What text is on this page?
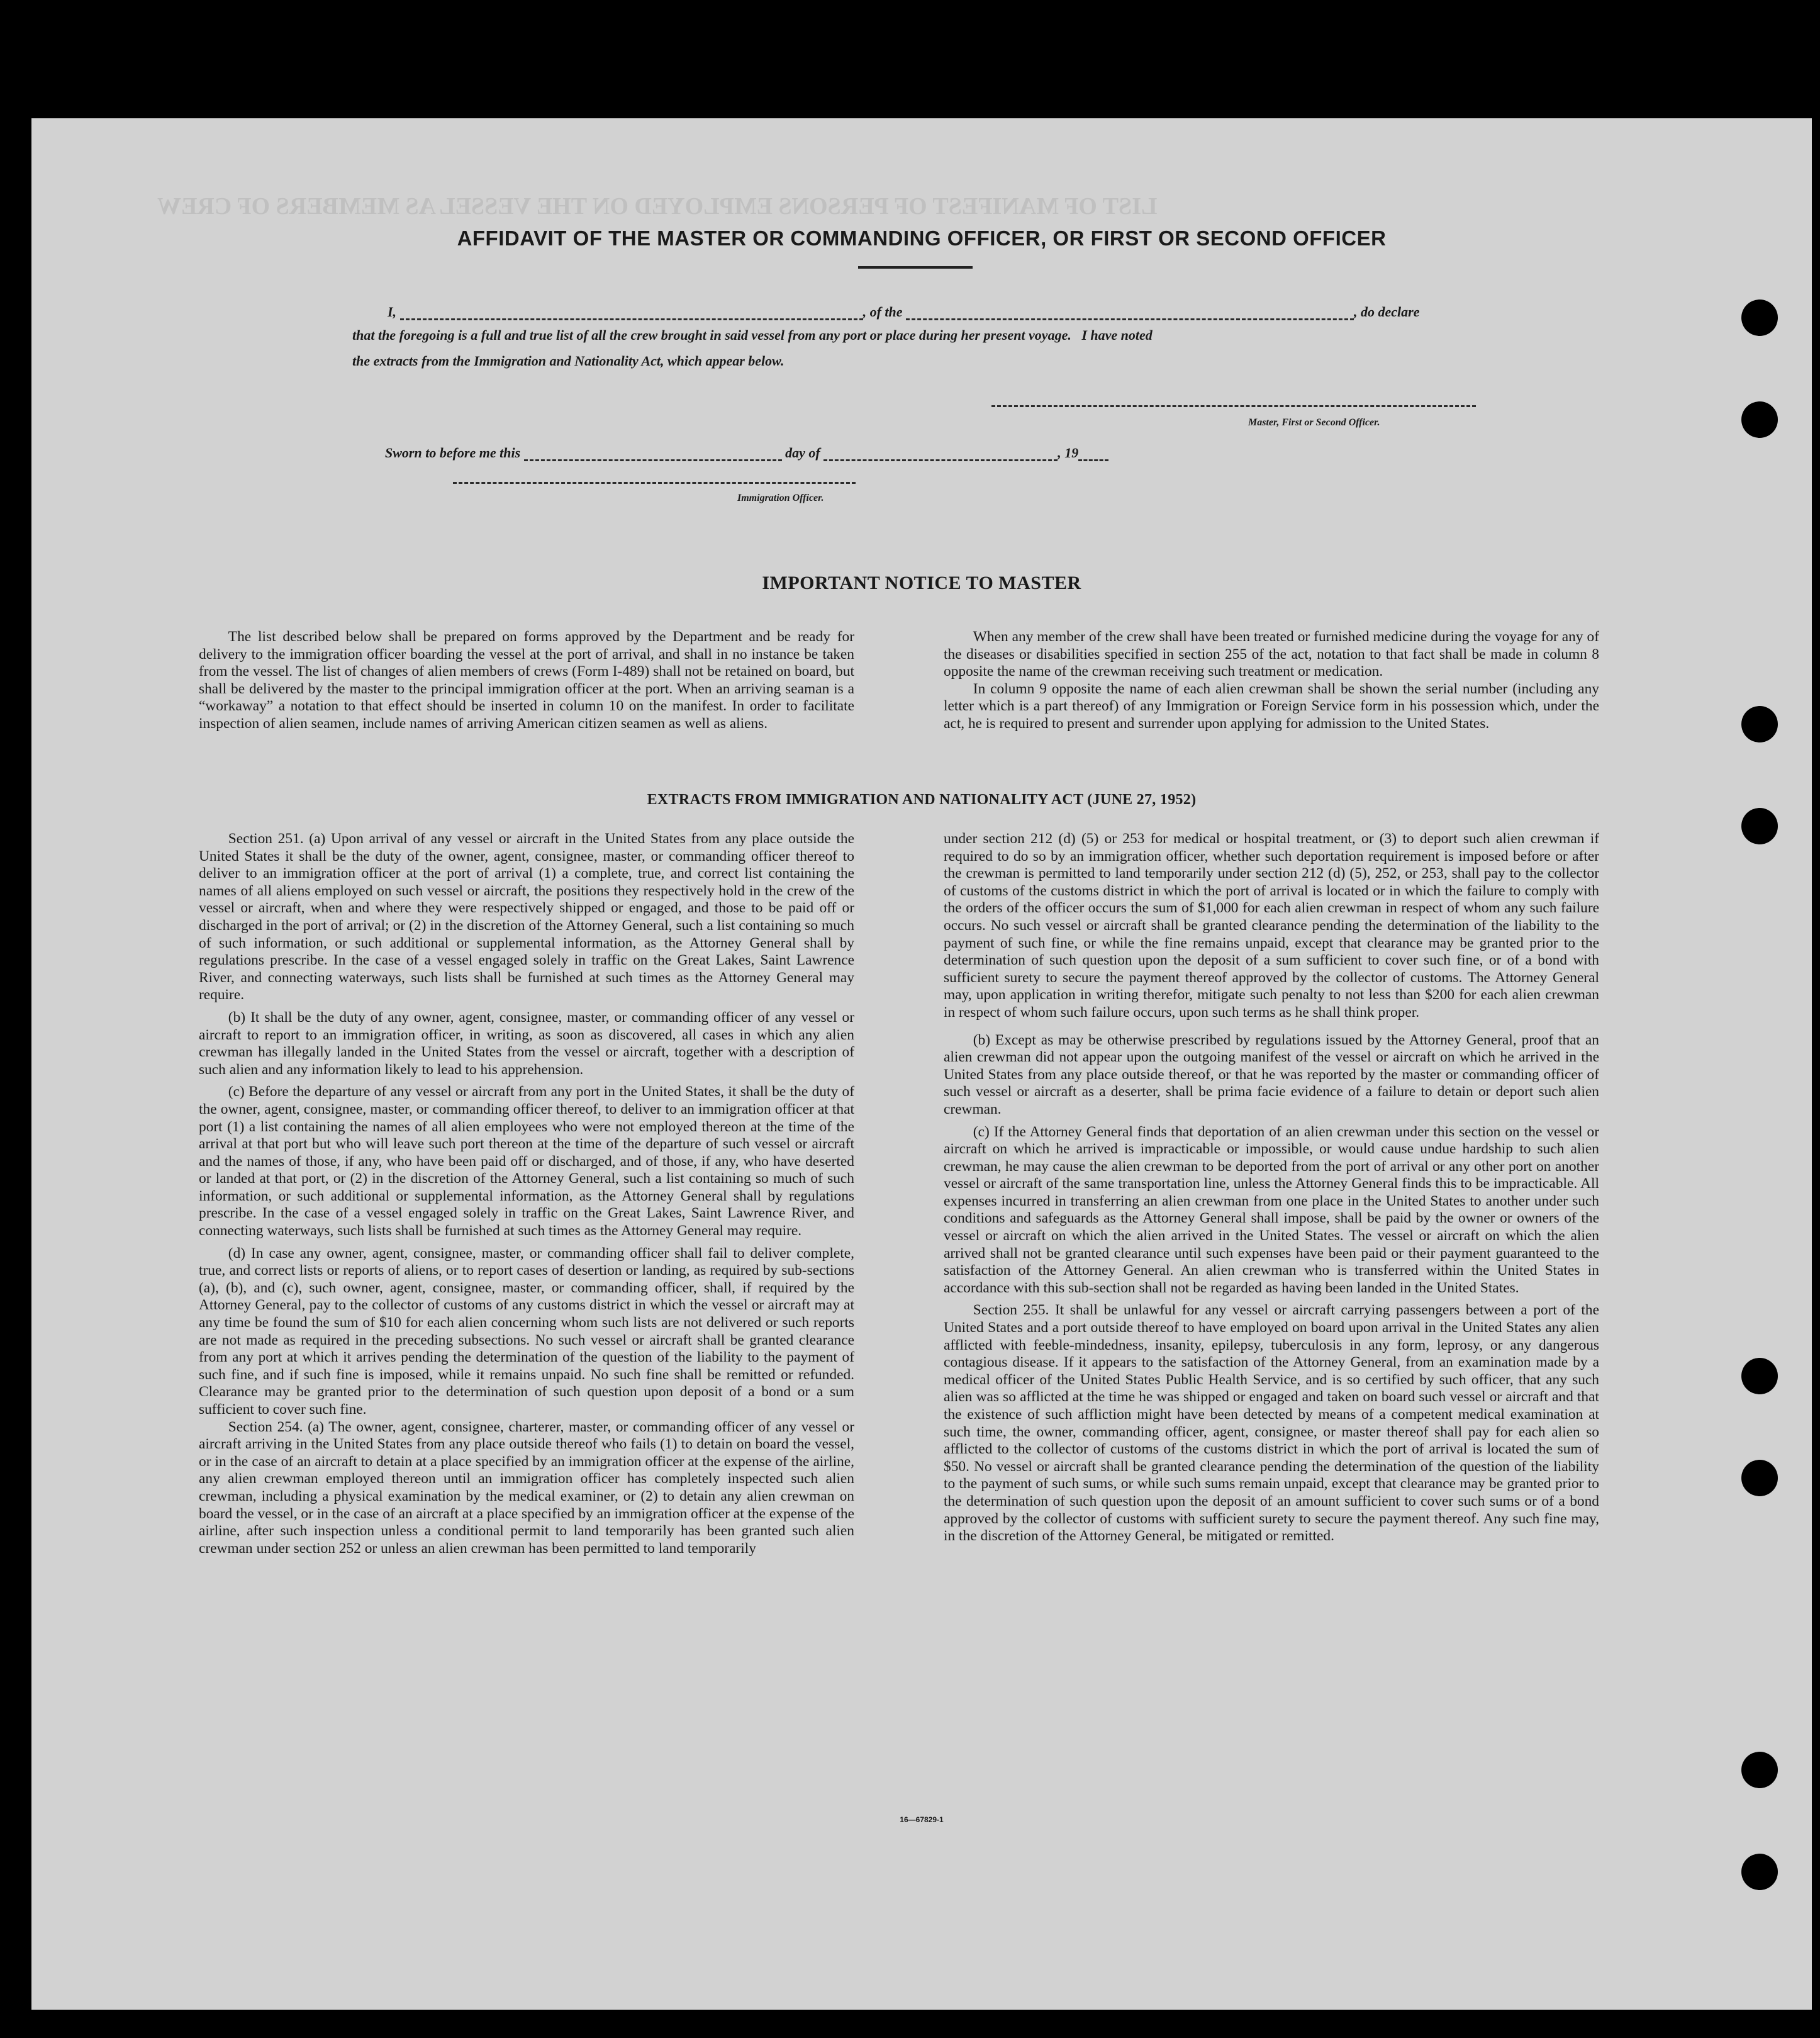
LIST OF MANIFEST OF PERSONS EMPLOYED ON THE VESSEL AS MEMBERS OF CREW
AFFIDAVIT OF THE MASTER OR COMMANDING OFFICER, OR FIRST OR SECOND OFFICER
I,	, of the	, do declare
that the foregoing is a full and true list of all the crew brought in said vessel from any port or place during her present voyage.   I have noted
the extracts from the Immigration and Nationality Act, which appear below.
Master, First or Second Officer.
Sworn to before me this	day of	, 19
Immigration Officer.
IMPORTANT NOTICE TO MASTER

The list described below shall be prepared on forms approved by the Department and be ready for delivery to the immigration officer boarding the vessel at the port of arrival, and shall in no instance be taken from the vessel. The list of changes of alien members of crews (Form I-489) shall not be retained on board, but shall be delivered by the master to the principal immigration officer at the port. When an arriving seaman is a “workaway” a notation to that effect should be inserted in column 10 on the manifest. In order to facilitate inspection of alien seamen, include names of arriving American citizen seamen as well as aliens.

When any member of the crew shall have been treated or furnished medicine during the voyage for any of the diseases or disabilities specified in section 255 of the act, notation to that fact shall be made in column 8 opposite the name of the crewman receiving such treatment or medication.

In column 9 opposite the name of each alien crewman shall be shown the serial number (including any letter which is a part thereof) of any Immigration or Foreign Service form in his possession which, under the act, he is required to present and surrender upon applying for admission to the United States.

EXTRACTS FROM IMMIGRATION AND NATIONALITY ACT (JUNE 27, 1952)

Section 251. (a) Upon arrival of any vessel or aircraft in the United States from any place outside the United States it shall be the duty of the owner, agent, consignee, master, or commanding officer thereof to deliver to an immigration officer at the port of arrival (1) a complete, true, and correct list containing the names of all aliens employed on such vessel or aircraft, the positions they respectively hold in the crew of the vessel or aircraft, when and where they were respectively shipped or engaged, and those to be paid off or discharged in the port of arrival; or (2) in the discretion of the Attorney General, such a list containing so much of such information, or such additional or supplemental information, as the Attorney General shall by regulations prescribe. In the case of a vessel engaged solely in traffic on the Great Lakes, Saint Lawrence River, and connecting waterways, such lists shall be furnished at such times as the Attorney General may require.

(b) It shall be the duty of any owner, agent, consignee, master, or commanding officer of any vessel or aircraft to report to an immigration officer, in writing, as soon as discovered, all cases in which any alien crewman has illegally landed in the United States from the vessel or aircraft, together with a description of such alien and any information likely to lead to his apprehension.

(c) Before the departure of any vessel or aircraft from any port in the United States, it shall be the duty of the owner, agent, consignee, master, or commanding officer thereof, to deliver to an immigration officer at that port (1) a list containing the names of all alien employees who were not employed thereon at the time of the arrival at that port but who will leave such port thereon at the time of the departure of such vessel or aircraft and the names of those, if any, who have been paid off or discharged, and of those, if any, who have deserted or landed at that port, or (2) in the discretion of the Attorney General, such a list containing so much of such information, or such additional or supplemental information, as the Attorney General shall by regulations prescribe. In the case of a vessel engaged solely in traffic on the Great Lakes, Saint Lawrence River, and connecting waterways, such lists shall be furnished at such times as the Attorney General may require.

(d) In case any owner, agent, consignee, master, or commanding officer shall fail to deliver complete, true, and correct lists or reports of aliens, or to report cases of desertion or landing, as required by sub-sections (a), (b), and (c), such owner, agent, consignee, master, or commanding officer, shall, if required by the Attorney General, pay to the collector of customs of any customs district in which the vessel or aircraft may at any time be found the sum of $10 for each alien concerning whom such lists are not delivered or such reports are not made as required in the preceding subsections. No such vessel or aircraft shall be granted clearance from any port at which it arrives pending the determination of the question of the liability to the payment of such fine, and if such fine is imposed, while it remains unpaid. No such fine shall be remitted or refunded. Clearance may be granted prior to the determination of such question upon deposit of a bond or a sum sufficient to cover such fine.

Section 254. (a) The owner, agent, consignee, charterer, master, or commanding officer of any vessel or aircraft arriving in the United States from any place outside thereof who fails (1) to detain on board the vessel, or in the case of an aircraft to detain at a place specified by an immigration officer at the expense of the airline, any alien crewman employed thereon until an immigration officer has completely inspected such alien crewman, including a physical examination by the medical examiner, or (2) to detain any alien crewman on board the vessel, or in the case of an aircraft at a place specified by an immigration officer at the expense of the airline, after such inspection unless a conditional permit to land temporarily has been granted such alien crewman under section 252 or unless an alien crewman has been permitted to land temporarily

under section 212 (d) (5) or 253 for medical or hospital treatment, or (3) to deport such alien crewman if required to do so by an immigration officer, whether such deportation requirement is imposed before or after the crewman is permitted to land temporarily under section 212 (d) (5), 252, or 253, shall pay to the collector of customs of the customs district in which the port of arrival is located or in which the failure to comply with the orders of the officer occurs the sum of $1,000 for each alien crewman in respect of whom any such failure occurs. No such vessel or aircraft shall be granted clearance pending the determination of the liability to the payment of such fine, or while the fine remains unpaid, except that clearance may be granted prior to the determination of such question upon the deposit of a sum sufficient to cover such fine, or of a bond with sufficient surety to secure the payment thereof approved by the collector of customs. The Attorney General may, upon application in writing therefor, mitigate such penalty to not less than $200 for each alien crewman in respect of whom such failure occurs, upon such terms as he shall think proper.

(b) Except as may be otherwise prescribed by regulations issued by the Attorney General, proof that an alien crewman did not appear upon the outgoing manifest of the vessel or aircraft on which he arrived in the United States from any place outside thereof, or that he was reported by the master or commanding officer of such vessel or aircraft as a deserter, shall be prima facie evidence of a failure to detain or deport such alien crewman.

(c) If the Attorney General finds that deportation of an alien crewman under this section on the vessel or aircraft on which he arrived is impracticable or impossible, or would cause undue hardship to such alien crewman, he may cause the alien crewman to be deported from the port of arrival or any other port on another vessel or aircraft of the same transportation line, unless the Attorney General finds this to be impracticable. All expenses incurred in transferring an alien crewman from one place in the United States to another under such conditions and safeguards as the Attorney General shall impose, shall be paid by the owner or owners of the vessel or aircraft on which the alien arrived in the United States. The vessel or aircraft on which the alien arrived shall not be granted clearance until such expenses have been paid or their payment guaranteed to the satisfaction of the Attorney General. An alien crewman who is transferred within the United States in accordance with this sub-section shall not be regarded as having been landed in the United States.

Section 255. It shall be unlawful for any vessel or aircraft carrying passengers between a port of the United States and a port outside thereof to have employed on board upon arrival in the United States any alien afflicted with feeble-mindedness, insanity, epilepsy, tuberculosis in any form, leprosy, or any dangerous contagious disease. If it appears to the satisfaction of the Attorney General, from an examination made by a medical officer of the United States Public Health Service, and is so certified by such officer, that any such alien was so afflicted at the time he was shipped or engaged and taken on board such vessel or aircraft and that the existence of such affliction might have been detected by means of a competent medical examination at such time, the owner, commanding officer, agent, consignee, or master thereof shall pay for each alien so afflicted to the collector of customs of the customs district in which the port of arrival is located the sum of $50. No vessel or aircraft shall be granted clearance pending the determination of the question of the liability to the payment of such sums, or while such sums remain unpaid, except that clearance may be granted prior to the determination of such question upon the deposit of an amount sufficient to cover such sums or of a bond approved by the collector of customs with sufficient surety to secure the payment thereof. Any such fine may, in the discretion of the Attorney General, be mitigated or remitted.

16—67829-1
